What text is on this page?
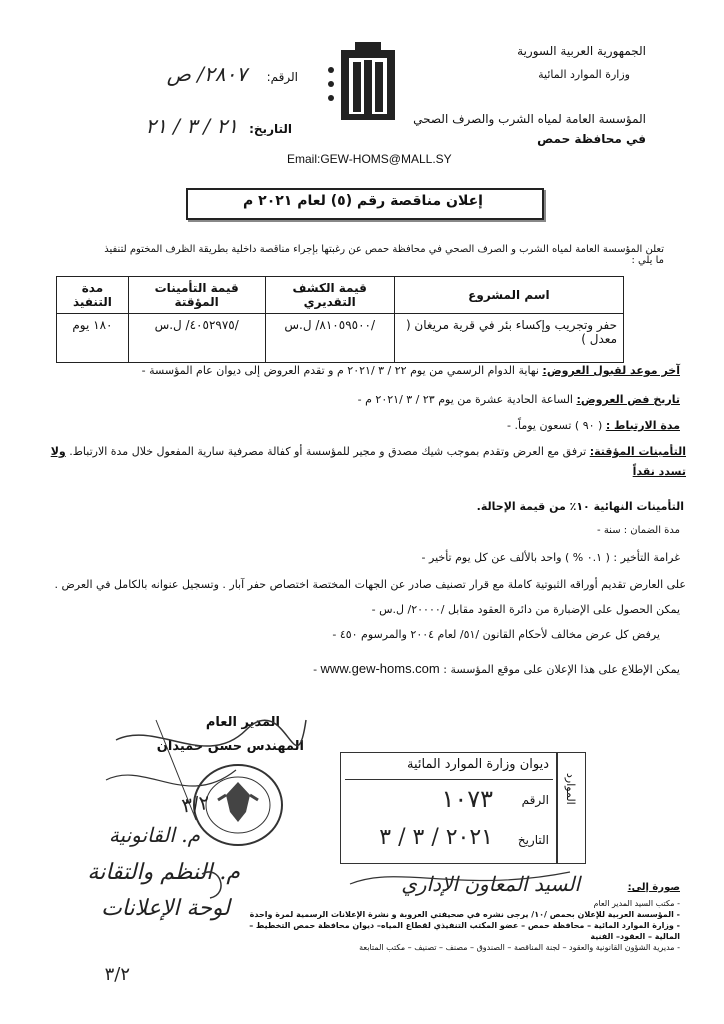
الجمهورية العربية السورية
وزارة الموارد المائية
المؤسسة العامة لمياه الشرب والصرف الصحي
في محافظة حمص
الرقم:
٢٨٠٧/ ص
التاريخ:
٢١ / ٣ / ٢١
Email:GEW-HOMS@MALL.SY
إعلان مناقصة رقم (٥) لعام ٢٠٢١ م
تعلن المؤسسة العامة لمياه الشرب و الصرف الصحي في محافظة حمص عن رغبتها بإجراء مناقصة داخلية بطريقة الظرف المختوم لتنفيذ ما يلي :
اسم المشروع	قيمة الكشف التقديري	قيمة التأمينات المؤقتة	مدة التنفيذ
حفر وتجريب وإكساء بئر في قرية مريغان ( معدل )	/٨١٠٥٩٥٠٠/ ل.س	/٤٠٥٢٩٧٥/ ل.س	١٨٠ يوم
آخر موعد لقبول العروض: نهاية الدوام الرسمي من يوم ٢٢ / ٣ /٢٠٢١ م و تقدم العروض إلى ديوان عام المؤسسة -
تاريخ فض العروض: الساعة الحادية عشرة من يوم ٢٣ / ٣ /٢٠٢١ م -
مدة الارتباط : ( ٩٠ ) تسعون يوماً. -
التأمينات المؤقتة: ترفق مع العرض وتقدم بموجب شيك مصدق و مجير للمؤسسة أو كفالة مصرفية سارية المفعول خلال مدة الارتباط. ولا تسدد نقداً
التأمينات النهائية ١٠٪ من قيمة الإحالة.
مدة الضمان : سنة -
غرامة التأخير : ( ٠.١ % ) واحد بالألف عن كل يوم تأخير -
على العارض تقديم أوراقه الثبوتية كاملة مع قرار تصنيف صادر عن الجهات المختصة اختصاص حفر آبار . وتسجيل عنوانه بالكامل في العرض .
يمكن الحصول على الإضبارة من دائرة العقود مقابل /٢٠٠٠٠/ ل.س -
يرفض كل عرض مخالف لأحكام القانون /٥١/ لعام ٢٠٠٤ والمرسوم ٤٥٠ -
يمكن الإطلاع على هذا الإعلان على موقع المؤسسة : www.gew-homs.com -
المدير العام
المهندس حسن حميدان
ديوان وزارة الموارد المائية
الرقم
١٠٧٣
التاريخ
٢٠٢١ / ٣ / ٣
الموارد
٣/٢
م. القانونية
م. النظم والتقانة
لوحة الإعلانات
٣/٢
السيد المعاون الإداري	صورة إلى:
- مكتب السيد المدير العام
- المؤسسة العربية للإعلان بحمص /١٠/ يرجى نشره في صحيفتي العروبة و نشرة الإعلانات الرسمية لمرة واحدة
- وزارة الموارد المائية – محافظة حمص – عضو المكتب التنفيذي لقطاع المياه– ديوان محافظة حمص التخطيط – المالية – العقود– الفنية
- مديرية الشؤون القانونية والعقود – لجنة المناقصة – الصندوق – مصنف – تصنيف – مكتب المتابعة
